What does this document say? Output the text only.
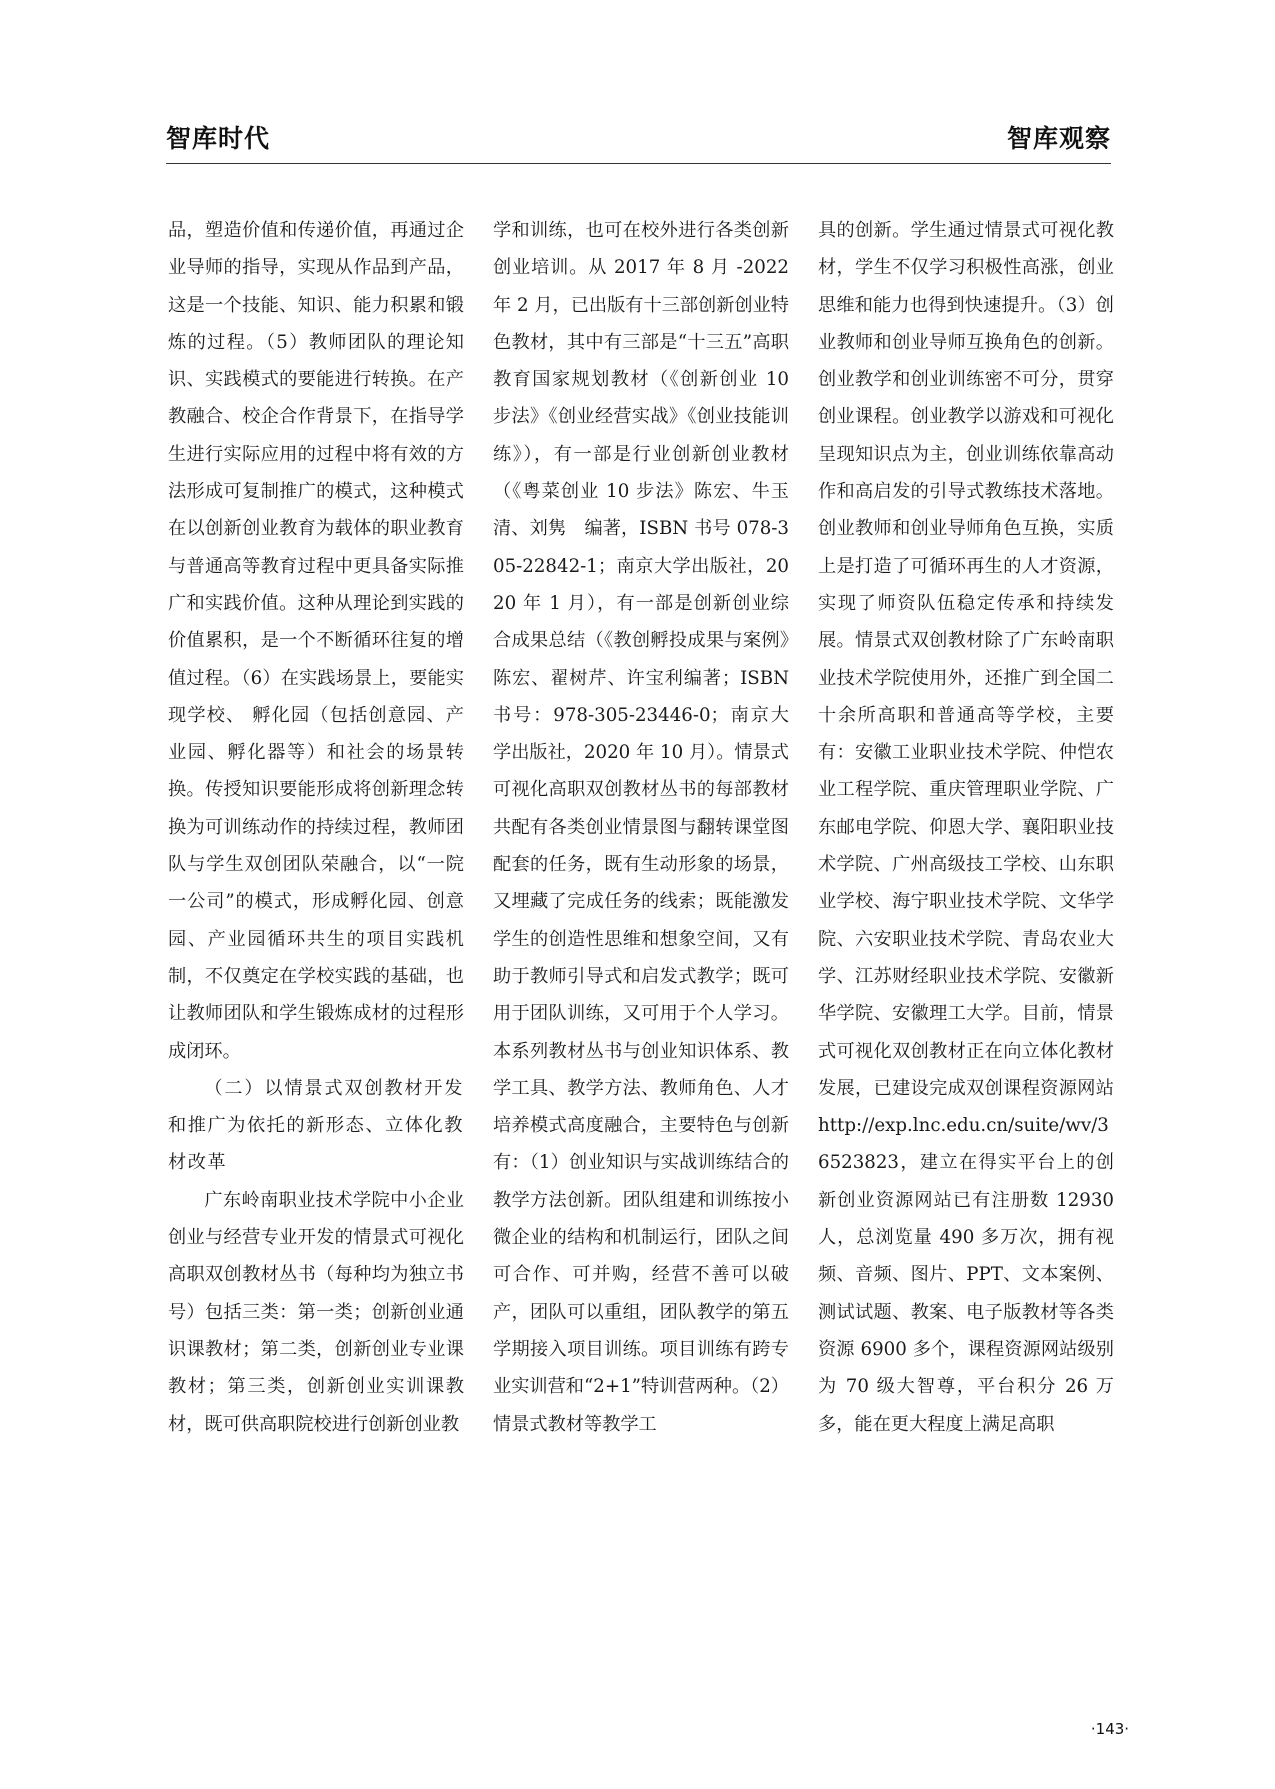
智库时代	智库观察

品，塑造价值和传递价值，再通过企业导师的指导，实现从作品到产品，这是一个技能、知识、能力积累和锻炼的过程。（5）教师团队的理论知识、实践模式的要能进行转换。在产教融合、校企合作背景下，在指导学生进行实际应用的过程中将有效的方法形成可复制推广的模式，这种模式在以创新创业教育为载体的职业教育与普通高等教育过程中更具备实际推广和实践价值。这种从理论到实践的价值累积，是一个不断循环往复的增值过程。（6）在实践场景上，要能实现学校、 孵化园（包括创意园、产业园、孵化器等）和社会的场景转换。传授知识要能形成将创新理念转换为可训练动作的持续过程，教师团队与学生双创团队荣融合，以“一院一公司”的模式，形成孵化园、创意园、产业园循环共生的项目实践机制，不仅奠定在学校实践的基础，也让教师团队和学生锻炼成材的过程形成闭环。

（二）以情景式双创教材开发和推广为依托的新形态、立体化教材改革

广东岭南职业技术学院中小企业创业与经营专业开发的情景式可视化高职双创教材丛书（每种均为独立书号）包括三类：第一类；创新创业通识课教材；第二类，创新创业专业课教材；第三类，创新创业实训课教材，既可供高职院校进行创新创业教

学和训练，也可在校外进行各类创新创业培训。从 2017 年 8 月 -2022 年 2 月，已出版有十三部创新创业特色教材，其中有三部是“十三五”高职教育国家规划教材（《创新创业 10 步法》《创业经营实战》《创业技能训练》），有一部是行业创新创业教材（《粤菜创业 10 步法》陈宏、牛玉清、刘隽　编著，ISBN 书号 078-305-22842-1；南京大学出版社，2020 年 1 月），有一部是创新创业综合成果总结（《教创孵投成果与案例》陈宏、翟树芹、许宝利编著；ISBN 书号：978-305-23446-0；南京大学出版社，2020 年 10 月）。情景式可视化高职双创教材丛书的每部教材共配有各类创业情景图与翻转课堂图配套的任务，既有生动形象的场景，又埋藏了完成任务的线索；既能激发学生的创造性思维和想象空间，又有助于教师引导式和启发式教学；既可用于团队训练，又可用于个人学习。本系列教材丛书与创业知识体系、教学工具、教学方法、教师角色、人才培养模式高度融合，主要特色与创新有：（1）创业知识与实战训练结合的教学方法创新。团队组建和训练按小微企业的结构和机制运行，团队之间可合作、可并购，经营不善可以破产，团队可以重组，团队教学的第五学期接入项目训练。项目训练有跨专业实训营和“2+1”特训营两种。（2）情景式教材等教学工

具的创新。学生通过情景式可视化教材，学生不仅学习积极性高涨，创业思维和能力也得到快速提升。（3）创业教师和创业导师互换角色的创新。创业教学和创业训练密不可分，贯穿创业课程。创业教学以游戏和可视化呈现知识点为主，创业训练依靠高动作和高启发的引导式教练技术落地。创业教师和创业导师角色互换，实质上是打造了可循环再生的人才资源，实现了师资队伍稳定传承和持续发展。情景式双创教材除了广东岭南职业技术学院使用外，还推广到全国二十余所高职和普通高等学校，主要有：安徽工业职业技术学院、仲恺农业工程学院、重庆管理职业学院、广东邮电学院、仰恩大学、襄阳职业技术学院、广州高级技工学校、山东职业学校、海宁职业技术学院、文华学院、六安职业技术学院、青岛农业大学、江苏财经职业技术学院、安徽新华学院、安徽理工大学。目前，情景式可视化双创教材正在向立体化教材发展，已建设完成双创课程资源网站 http://exp.lnc.edu.cn/suite/wv/36523823，建立在得实平台上的创新创业资源网站已有注册数 12930 人，总浏览量 490 多万次，拥有视频、音频、图片、PPT、文本案例、测试试题、教案、电子版教材等各类资源 6900 多个，课程资源网站级别为 70 级大智尊，平台积分 26 万多，能在更大程度上满足高职

·143·
